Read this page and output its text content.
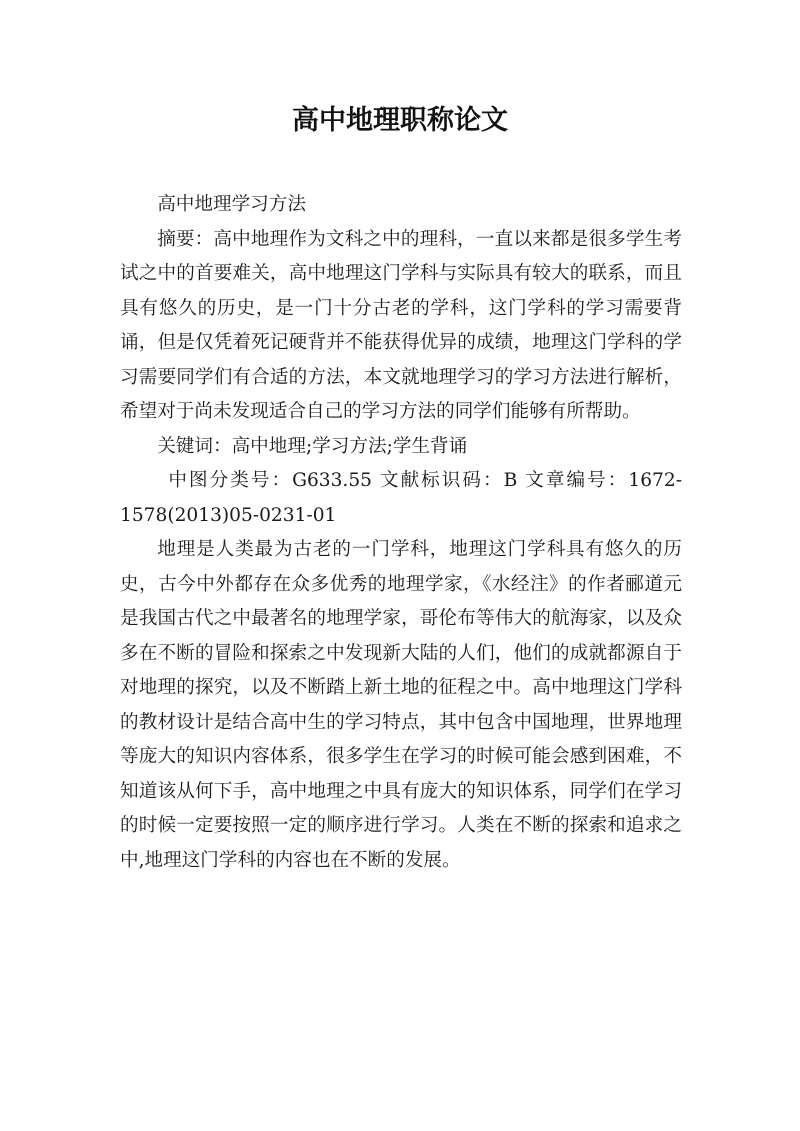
高中地理职称论文

高中地理学习方法

摘要：高中地理作为文科之中的理科，一直以来都是很多学生考试之中的首要难关，高中地理这门学科与实际具有较大的联系，而且具有悠久的历史，是一门十分古老的学科，这门学科的学习需要背诵，但是仅凭着死记硬背并不能获得优异的成绩，地理这门学科的学习需要同学们有合适的方法，本文就地理学习的学习方法进行解析，希望对于尚未发现适合自己的学习方法的同学们能够有所帮助。

关键词：高中地理;学习方法;学生背诵

中图分类号：G633.55 文献标识码：B 文章编号：1672-1578(2013)05-0231-01

地理是人类最为古老的一门学科，地理这门学科具有悠久的历史，古今中外都存在众多优秀的地理学家，《水经注》的作者郦道元是我国古代之中最著名的地理学家，哥伦布等伟大的航海家，以及众多在不断的冒险和探索之中发现新大陆的人们，他们的成就都源自于对地理的探究，以及不断踏上新土地的征程之中。高中地理这门学科的教材设计是结合高中生的学习特点，其中包含中国地理，世界地理等庞大的知识内容体系，很多学生在学习的时候可能会感到困难，不知道该从何下手，高中地理之中具有庞大的知识体系，同学们在学习的时候一定要按照一定的顺序进行学习。人类在不断的探索和追求之中,地理这门学科的内容也在不断的发展。
